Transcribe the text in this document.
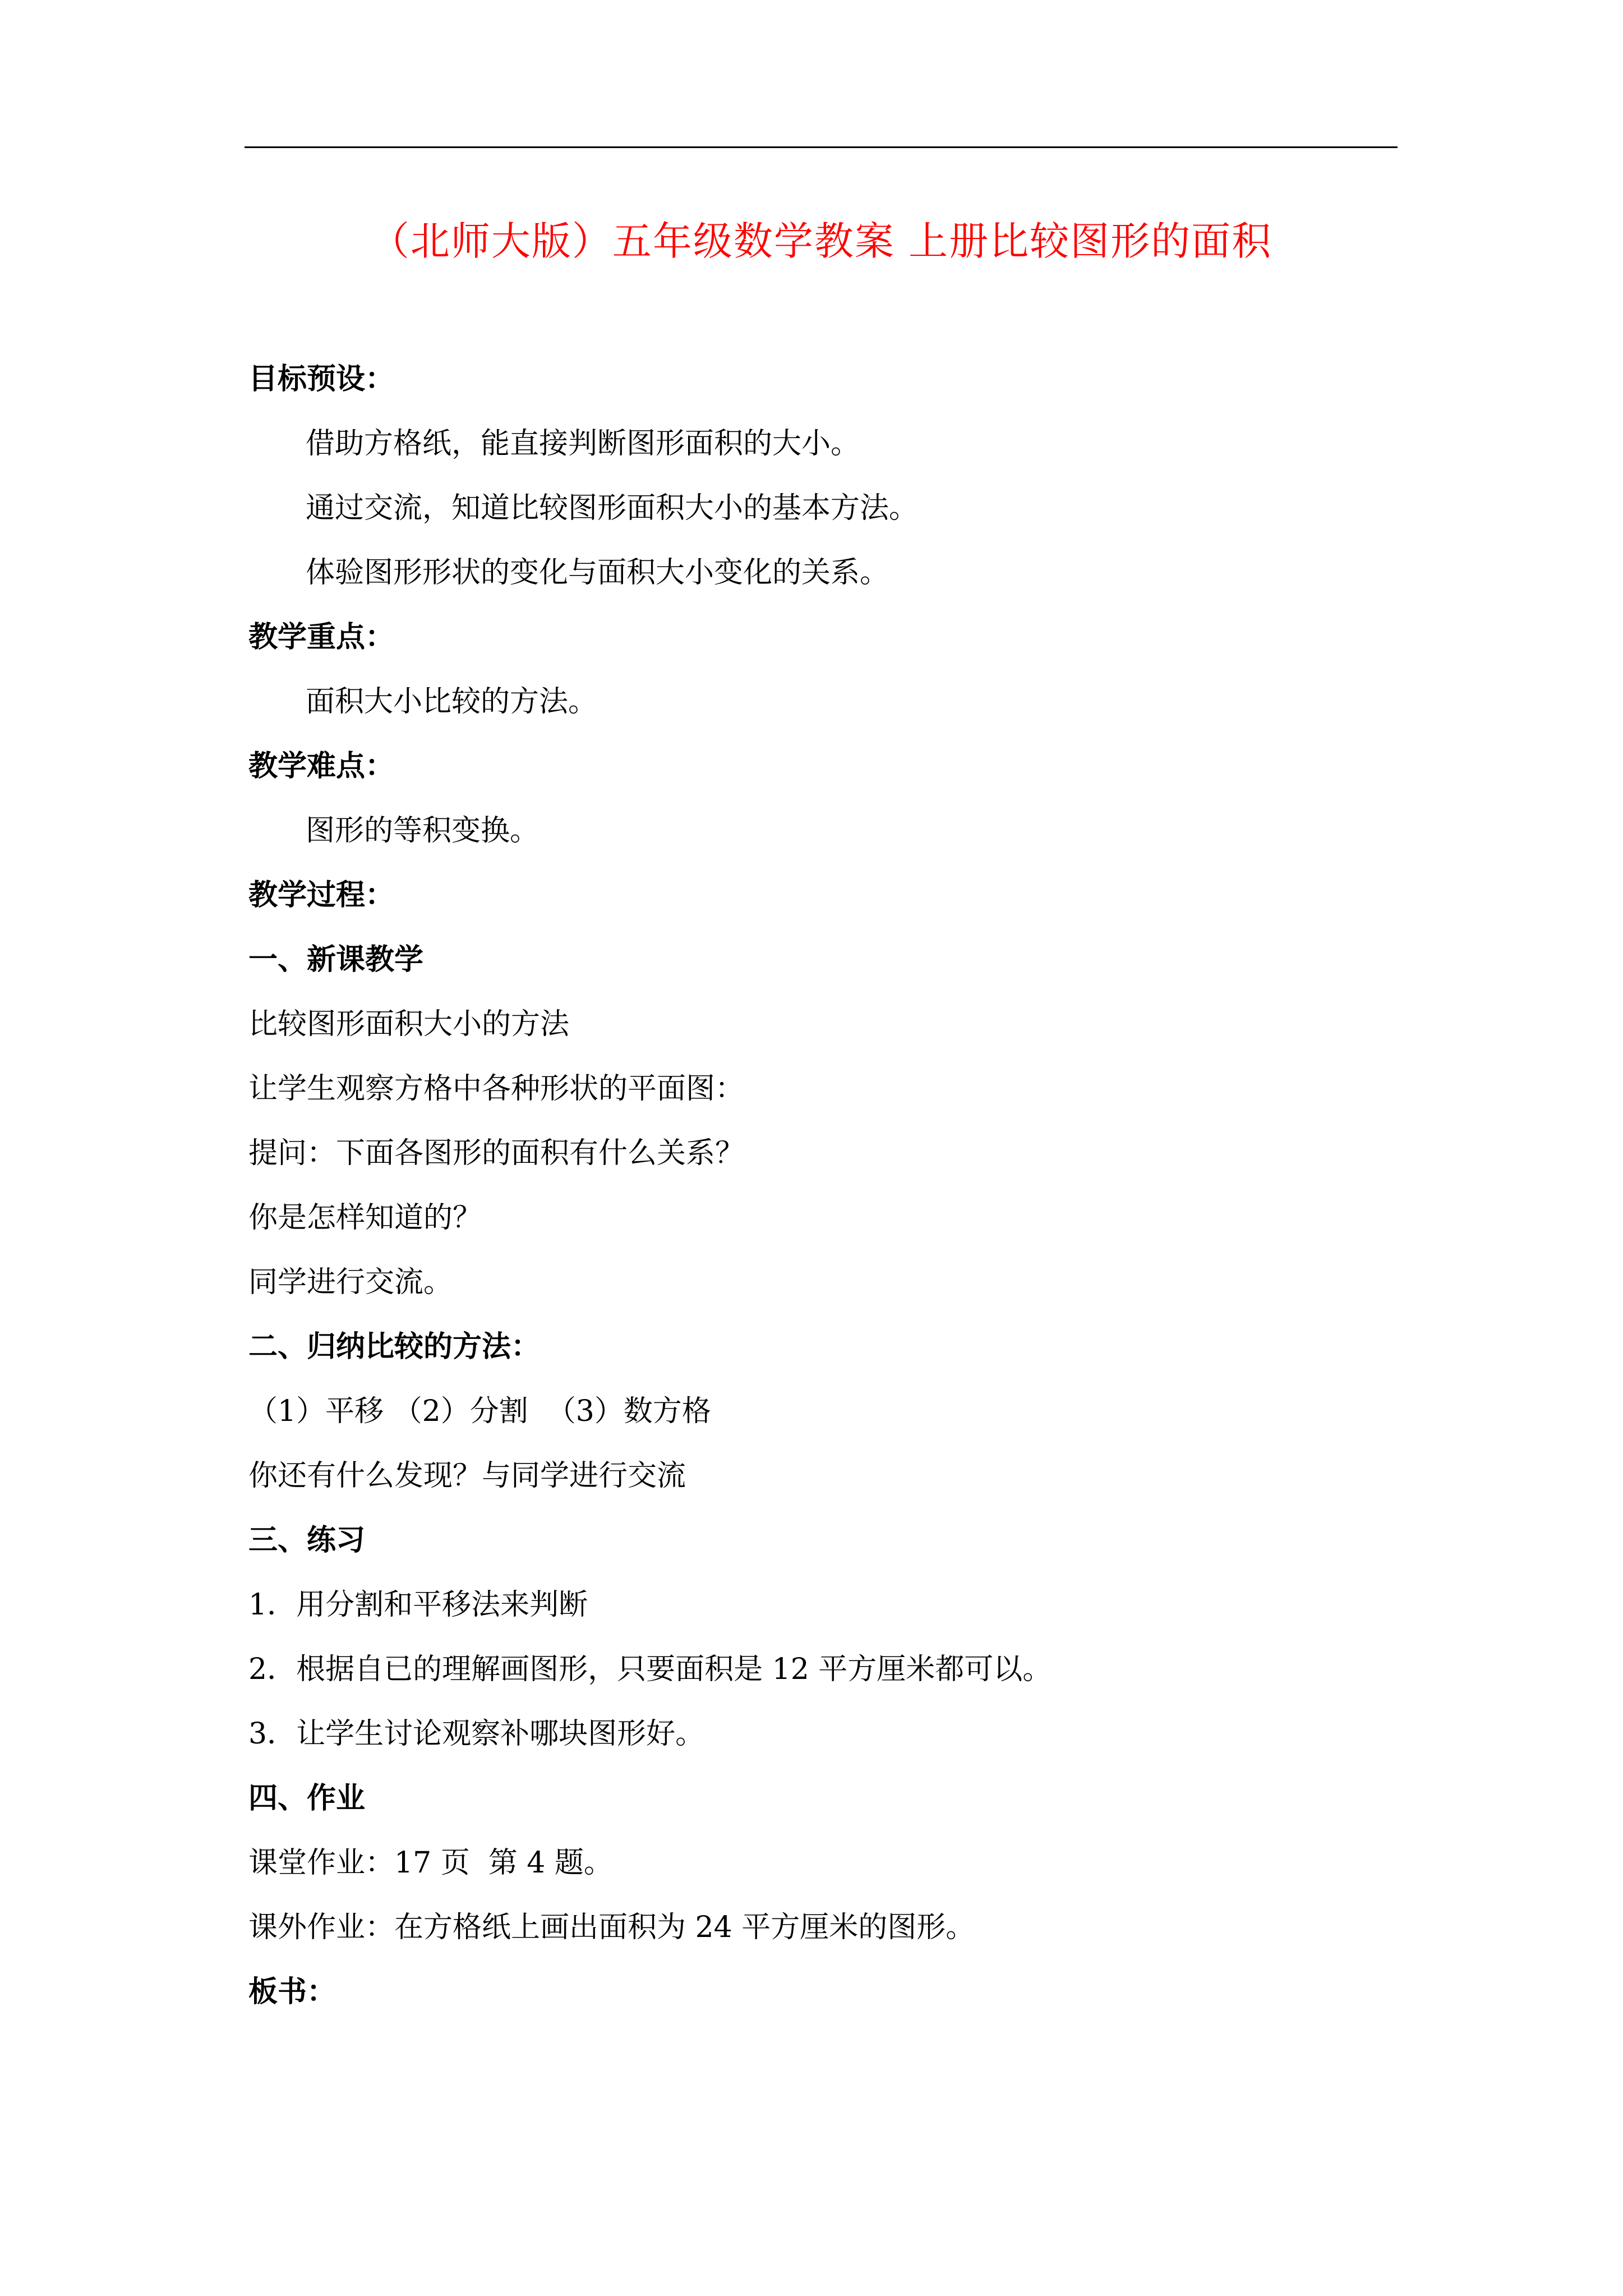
（北师大版）五年级数学教案 上册比较图形的面积
目标预设：
借助方格纸，能直接判断图形面积的大小。
通过交流，知道比较图形面积大小的基本方法。
体验图形形状的变化与面积大小变化的关系。
教学重点：
面积大小比较的方法。
教学难点：
图形的等积变换。
教学过程：
一、新课教学
比较图形面积大小的方法
让学生观察方格中各种形状的平面图：
提问：下面各图形的面积有什么关系？
你是怎样知道的？
同学进行交流。
二、归纳比较的方法：
（1）平移 （2）分割  （3）数方格
你还有什么发现？与同学进行交流
三、练习
1．用分割和平移法来判断
2．根据自已的理解画图形，只要面积是 12 平方厘米都可以。
3．让学生讨论观察补哪块图形好。
四、作业
课堂作业：17 页  第 4 题。
课外作业：在方格纸上画出面积为 24 平方厘米的图形。
板书：
